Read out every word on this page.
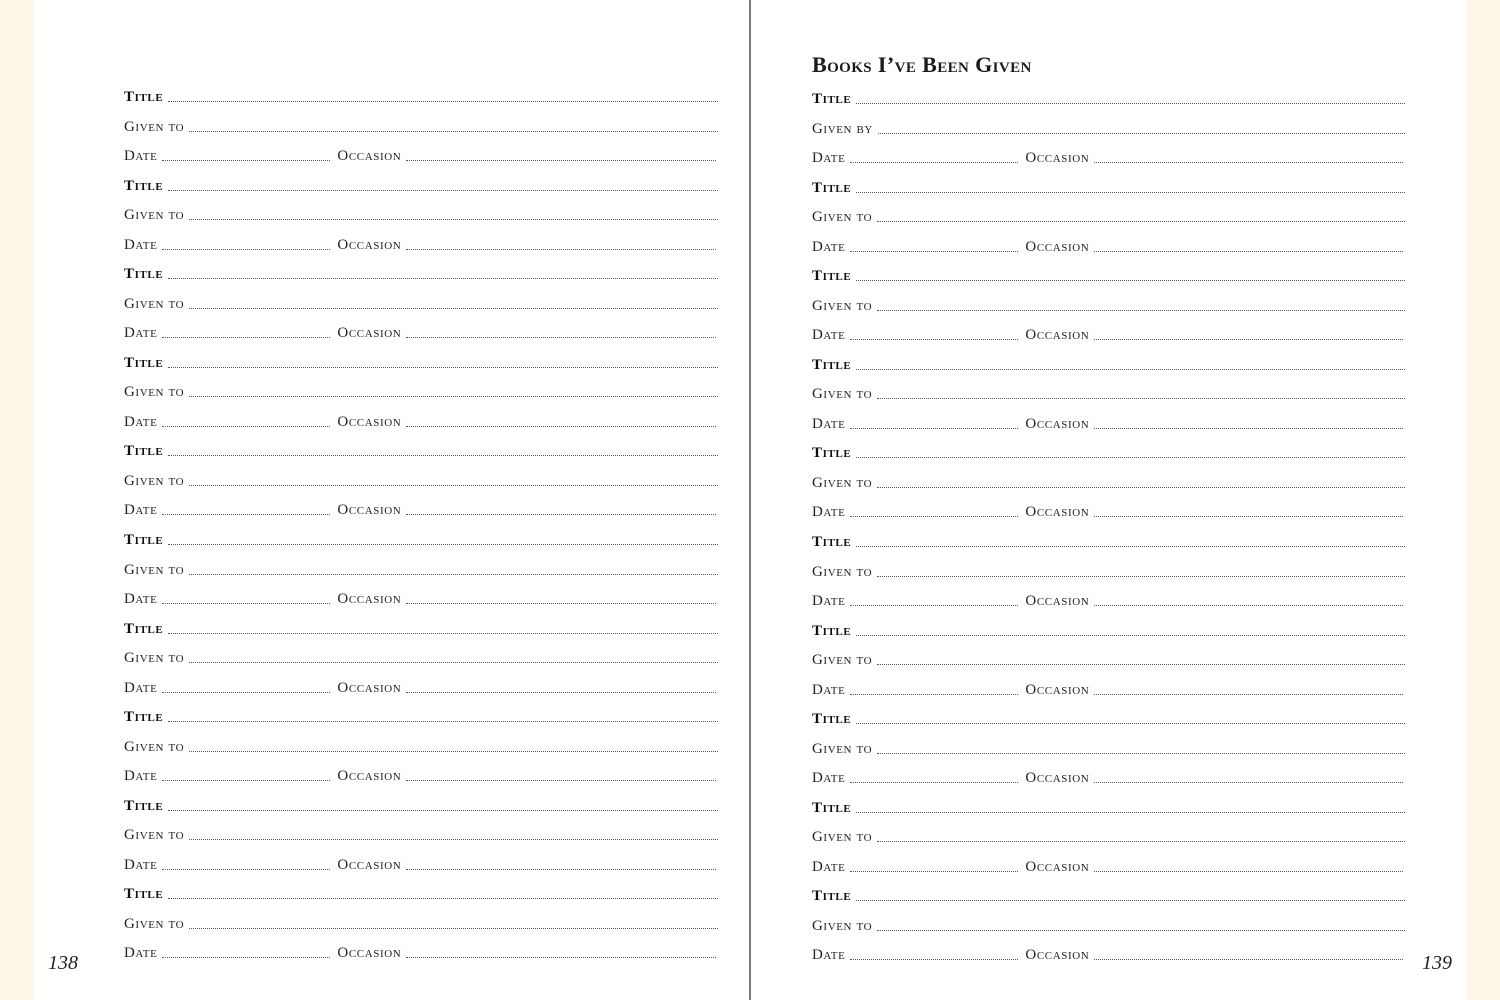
Books I’ve Been Given
Title
Given to
Date	Occasion
Title
Given to
Date	Occasion
Title
Given to
Date	Occasion
Title
Given to
Date	Occasion
Title
Given to
Date	Occasion
Title
Given to
Date	Occasion
Title
Given to
Date	Occasion
Title
Given to
Date	Occasion
Title
Given to
Date	Occasion
Title
Given to
Date	Occasion
Title
Given by
Date	Occasion
Title
Given to
Date	Occasion
Title
Given to
Date	Occasion
Title
Given to
Date	Occasion
Title
Given to
Date	Occasion
Title
Given to
Date	Occasion
Title
Given to
Date	Occasion
Title
Given to
Date	Occasion
Title
Given to
Date	Occasion
Title
Given to
Date	Occasion
138	139
